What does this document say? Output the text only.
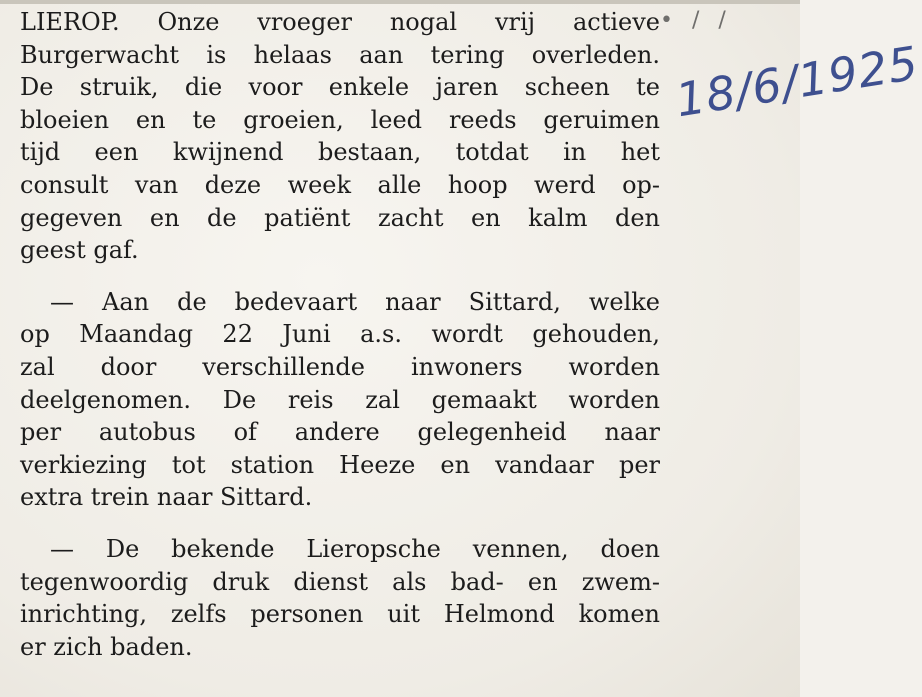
LIEROP. Onze vroeger nogal vrij actieve
Burgerwacht is helaas aan tering overleden.
De struik, die voor enkele jaren scheen te
bloeien en te groeien, leed reeds geruimen
tijd een kwijnend bestaan, totdat in het
consult van deze week alle hoop werd op-
gegeven en de patiënt zacht en kalm den
geest gaf.

— Aan de bedevaart naar Sittard, welke
op Maandag 22 Juni a.s. wordt gehouden,
zal door verschillende inwoners worden
deelgenomen. De reis zal gemaakt worden
per autobus of andere gelegenheid naar
verkiezing tot station Heeze en vandaar per
extra trein naar Sittard.

— De bekende Lieropsche vennen, doen
tegenwoordig druk dienst als bad- en zwem-
inrichting, zelfs personen uit Helmond komen
er zich baden.

• / /
18/6/1925
